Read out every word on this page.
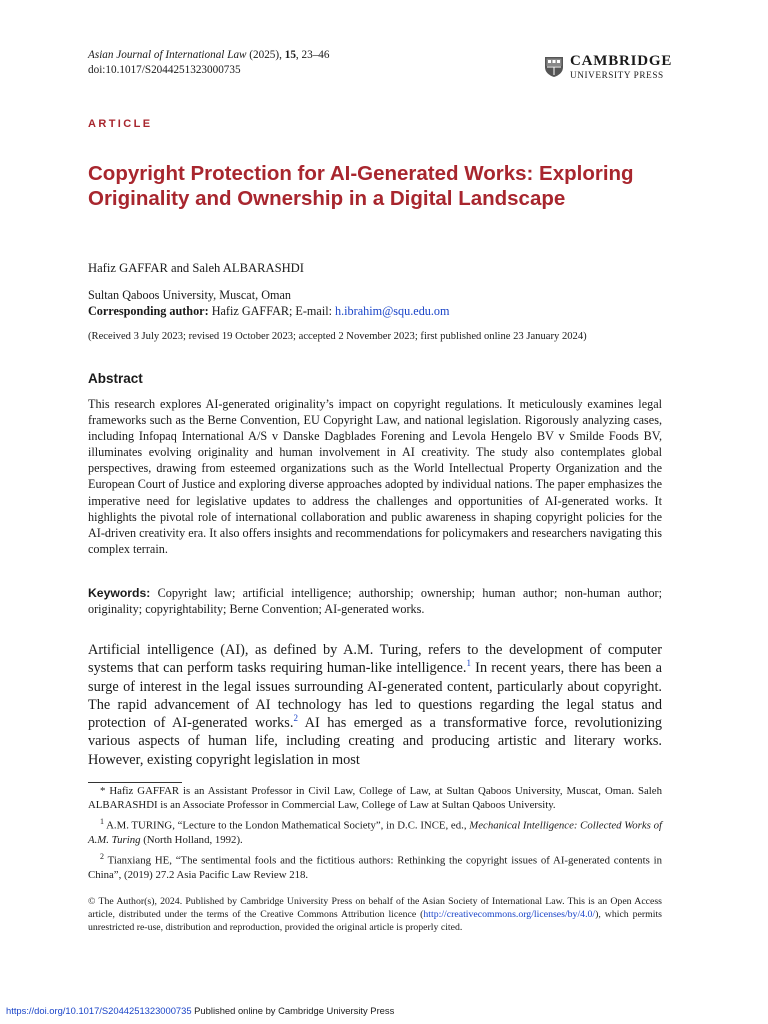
Asian Journal of International Law (2025), 15, 23–46
doi:10.1017/S2044251323000735
CAMBRIDGE
UNIVERSITY PRESS
ARTICLE
Copyright Protection for AI-Generated Works: Exploring Originality and Ownership in a Digital Landscape
Hafiz GAFFAR and Saleh ALBARASHDI
Sultan Qaboos University, Muscat, Oman
Corresponding author: Hafiz GAFFAR; E-mail: h.ibrahim@squ.edu.om
(Received 3 July 2023; revised 19 October 2023; accepted 2 November 2023; first published online 23 January 2024)
Abstract

This research explores AI-generated originality’s impact on copyright regulations. It meticulously examines legal frameworks such as the Berne Convention, EU Copyright Law, and national legislation. Rigorously analyzing cases, including Infopaq International A/S v Danske Dagblades Forening and Levola Hengelo BV v Smilde Foods BV, illuminates evolving originality and human involvement in AI creativity. The study also contemplates global perspectives, drawing from esteemed organizations such as the World Intellectual Property Organization and the European Court of Justice and exploring diverse approaches adopted by individual nations. The paper emphasizes the imperative need for legislative updates to address the challenges and opportunities of AI-generated works. It highlights the pivotal role of international collaboration and public awareness in shaping copyright policies for the AI-driven creativity era. It also offers insights and recommendations for policymakers and researchers navigating this complex terrain.

Keywords: Copyright law; artificial intelligence; authorship; ownership; human author; non-human author; originality; copyrightability; Berne Convention; AI-generated works.

Artificial intelligence (AI), as defined by A.M. Turing, refers to the development of computer systems that can perform tasks requiring human-like intelligence.$^1$ In recent years, there has been a surge of interest in the legal issues surrounding AI-generated content, particularly about copyright. The rapid advancement of AI technology has led to questions regarding the legal status and protection of AI-generated works.$^2$ AI has emerged as a transformative force, revolutionizing various aspects of human life, including creating and producing artistic and literary works. However, existing copyright legislation in most

* Hafiz GAFFAR is an Assistant Professor in Civil Law, College of Law, at Sultan Qaboos University, Muscat, Oman. Saleh ALBARASHDI is an Associate Professor in Commercial Law, College of Law at Sultan Qaboos University.

$^1$ A.M. TURING, “Lecture to the London Mathematical Society”, in D.C. INCE, ed., Mechanical Intelligence: Collected Works of A.M. Turing (North Holland, 1992).

$^2$ Tianxiang HE, “The sentimental fools and the fictitious authors: Rethinking the copyright issues of AI-generated contents in China”, (2019) 27.2 Asia Pacific Law Review 218.

© The Author(s), 2024. Published by Cambridge University Press on behalf of the Asian Society of International Law. This is an Open Access article, distributed under the terms of the Creative Commons Attribution licence (http://creativecommons.org/licenses/by/4.0/), which permits unrestricted re-use, distribution and reproduction, provided the original article is properly cited.

https://doi.org/10.1017/S2044251323000735 Published online by Cambridge University Press
